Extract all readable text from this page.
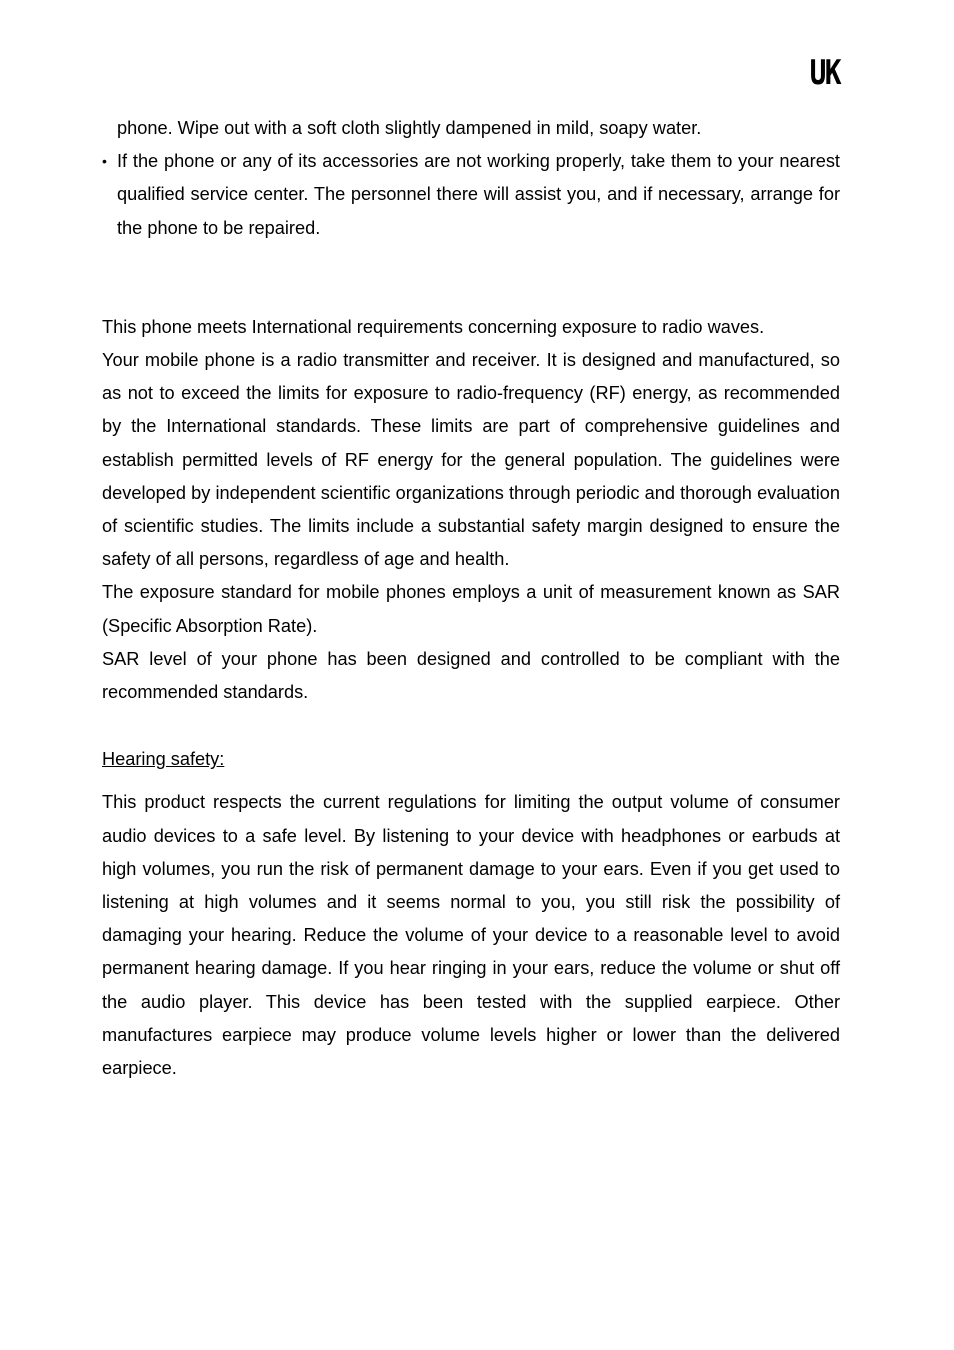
UK

phone. Wipe out with a soft cloth slightly dampened in mild, soapy water.

• If the phone or any of its accessories are not working properly, take them to your nearest qualified service center. The personnel there will assist you, and if necessary, arrange for the phone to be repaired.

This phone meets International requirements concerning exposure to radio waves.

Your mobile phone is a radio transmitter and receiver. It is designed and manufactured, so as not to exceed the limits for exposure to radio-frequency (RF) energy, as recommended by the International standards. These limits are part of comprehensive guidelines and establish permitted levels of RF energy for the general population. The guidelines were developed by independent scientific organizations through periodic and thorough evaluation of scientific studies. The limits include a substantial safety margin designed to ensure the safety of all persons, regardless of age and health.

The exposure standard for mobile phones employs a unit of measurement known as SAR (Specific Absorption Rate).

SAR level of your phone has been designed and controlled to be compliant with the recommended standards.

Hearing safety:

This product respects the current regulations for limiting the output volume of consumer audio devices to a safe level. By listening to your device with headphones or earbuds at high volumes, you run the risk of permanent damage to your ears. Even if you get used to listening at high volumes and it seems normal to you, you still risk the possibility of damaging your hearing. Reduce the volume of your device to a reasonable level to avoid permanent hearing damage. If you hear ringing in your ears, reduce the volume or shut off the audio player. This device has been tested with the supplied earpiece. Other manufactures earpiece may produce volume levels higher or lower than the delivered earpiece.
